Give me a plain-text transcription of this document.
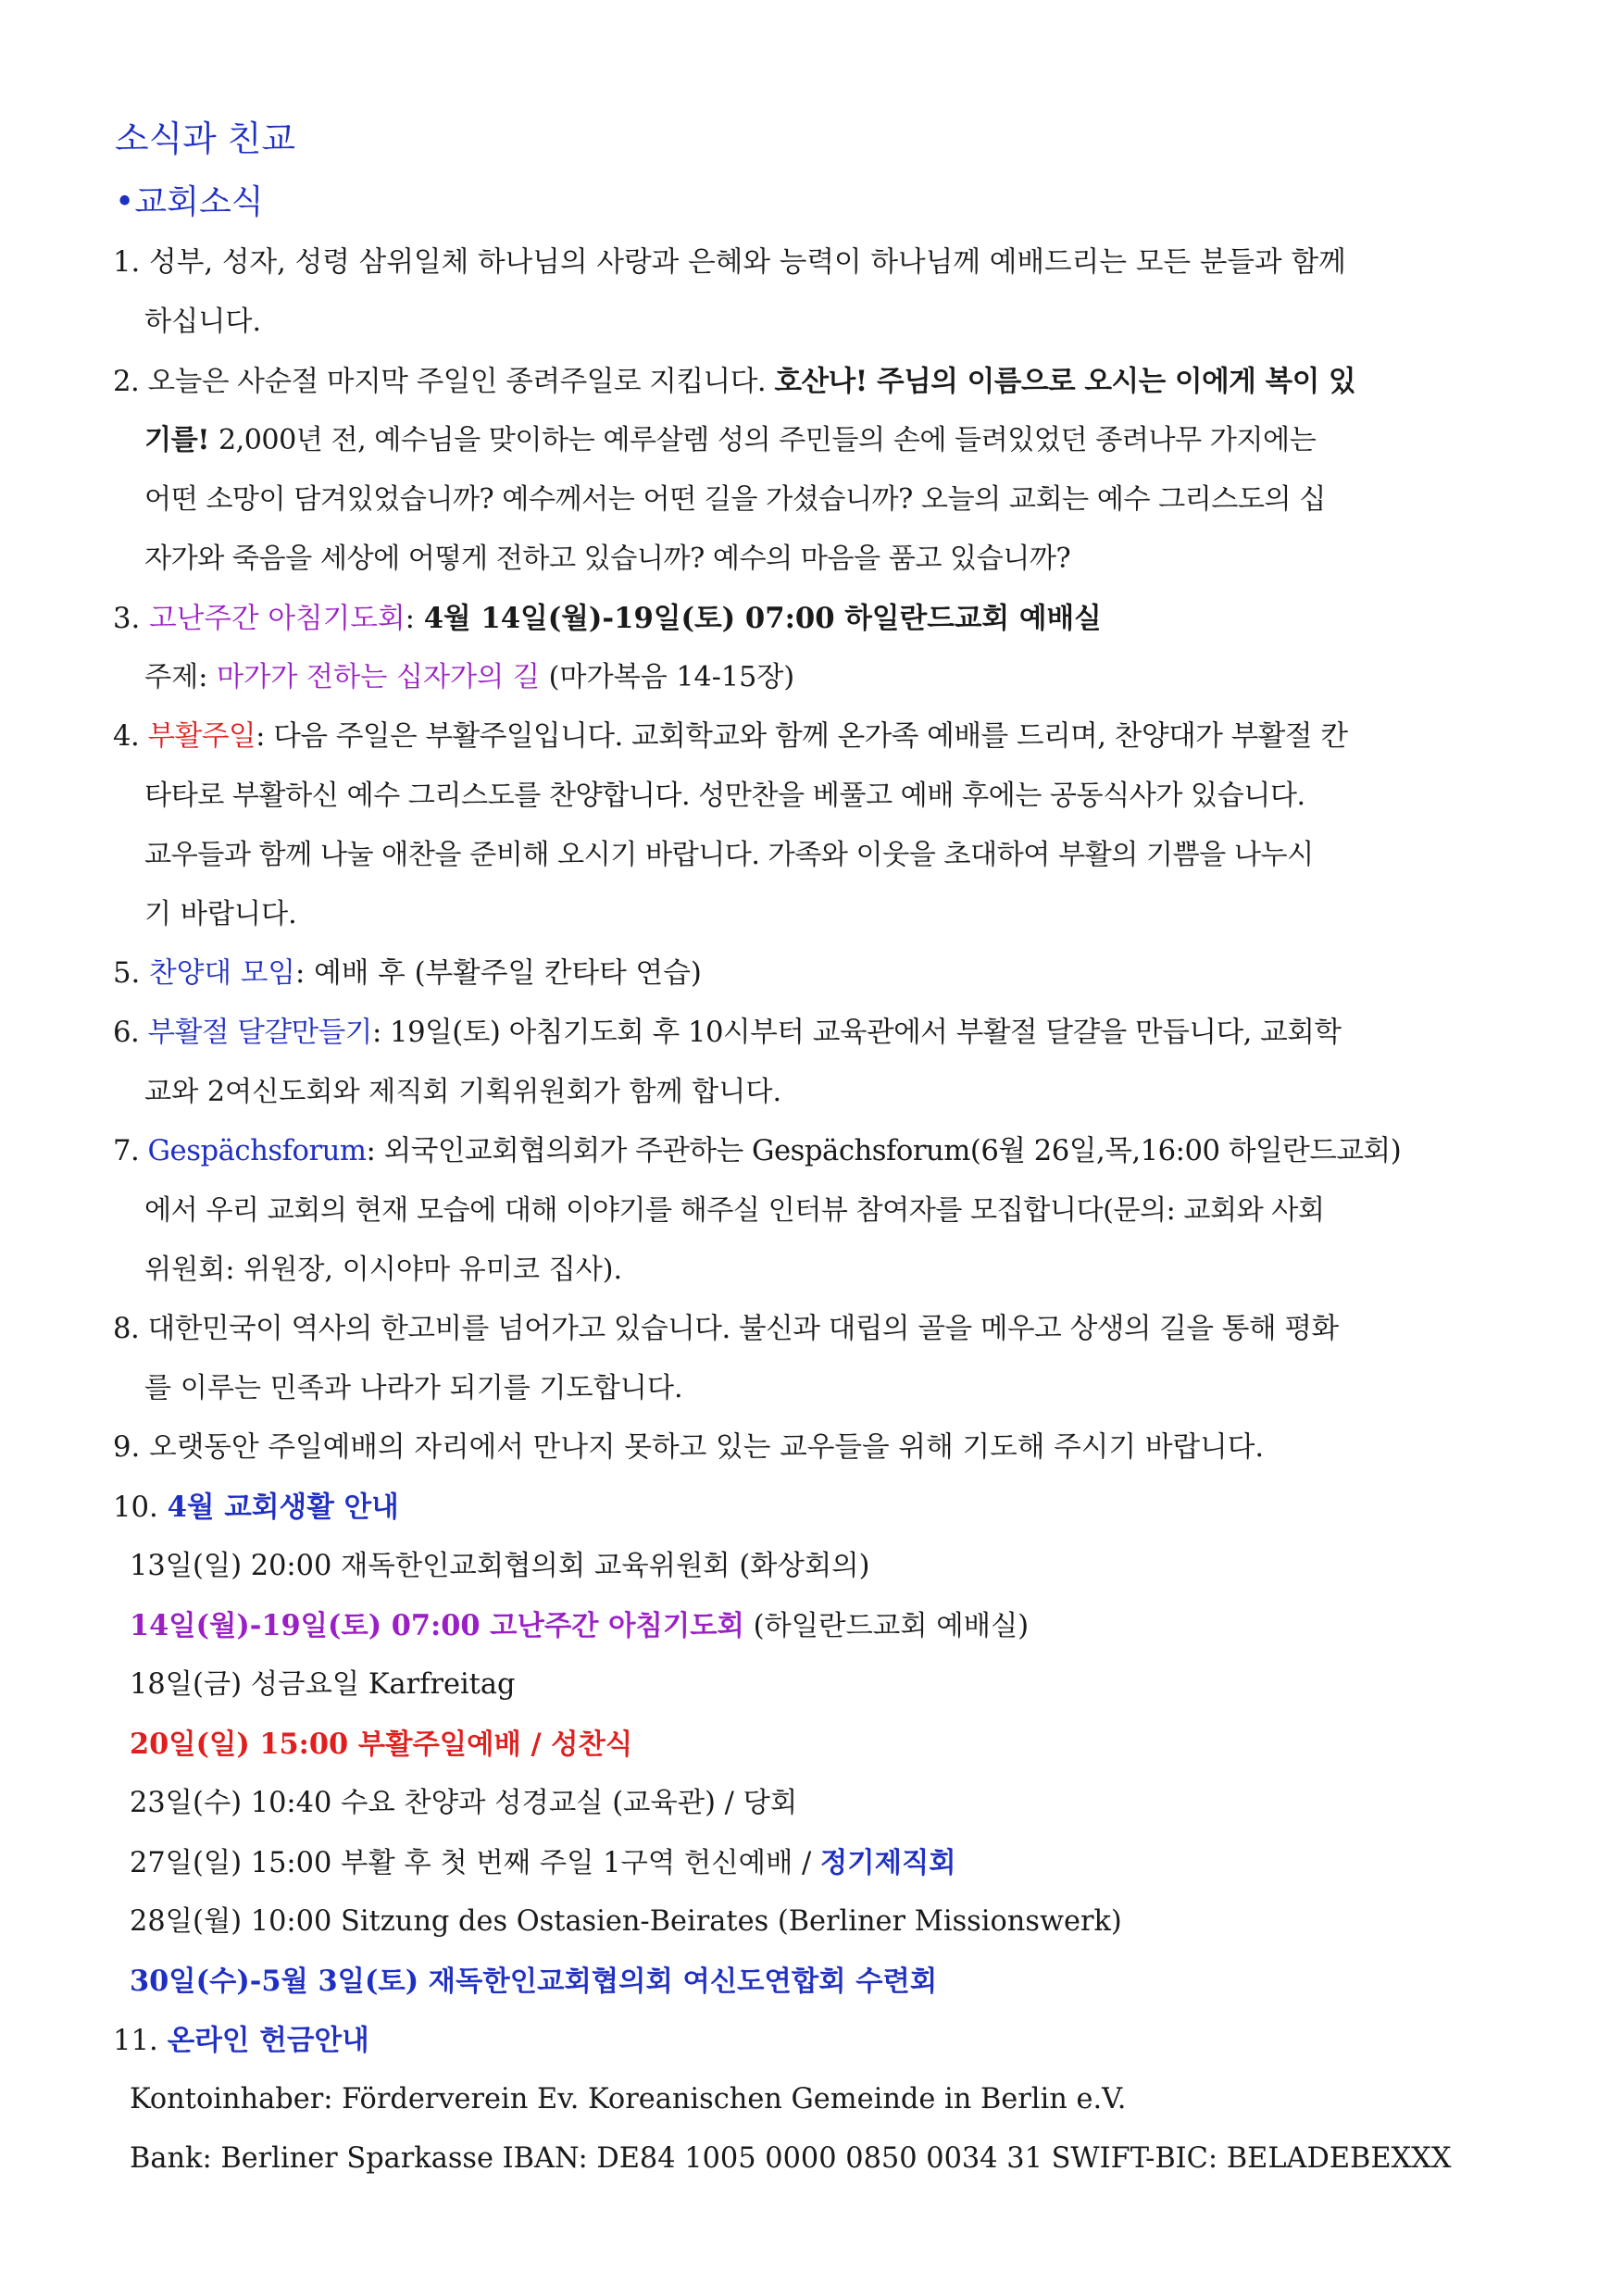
소식과 친교
•교회소식
1. 성부, 성자, 성령 삼위일체 하나님의 사랑과 은혜와 능력이 하나님께 예배드리는 모든 분들과 함께
하십니다.
2. 오늘은 사순절 마지막 주일인 종려주일로 지킵니다. 호산나! 주님의 이름으로 오시는 이에게 복이 있
기를! 2,000년 전, 예수님을 맞이하는 예루살렘 성의 주민들의 손에 들려있었던 종려나무 가지에는
어떤 소망이 담겨있었습니까? 예수께서는 어떤 길을 가셨습니까? 오늘의 교회는 예수 그리스도의 십
자가와 죽음을 세상에 어떻게 전하고 있습니까? 예수의 마음을 품고 있습니까?
3. 고난주간 아침기도회: 4월 14일(월)-19일(토) 07:00 하일란드교회 예배실
주제: 마가가 전하는 십자가의 길 (마가복음 14-15장)
4. 부활주일: 다음 주일은 부활주일입니다. 교회학교와 함께 온가족 예배를 드리며, 찬양대가 부활절 칸
타타로 부활하신 예수 그리스도를 찬양합니다. 성만찬을 베풀고 예배 후에는 공동식사가 있습니다.
교우들과 함께 나눌 애찬을 준비해 오시기 바랍니다. 가족와 이웃을 초대하여 부활의 기쁨을 나누시
기 바랍니다.
5. 찬양대 모임: 예배 후 (부활주일 칸타타 연습)
6. 부활절 달걀만들기: 19일(토) 아침기도회 후 10시부터 교육관에서 부활절 달걀을 만듭니다, 교회학
교와 2여신도회와 제직회 기획위원회가 함께 합니다.
7. Gespächsforum: 외국인교회협의회가 주관하는 Gespächsforum(6월 26일,목,16:00 하일란드교회)
에서 우리 교회의 현재 모습에 대해 이야기를 해주실 인터뷰 참여자를 모집합니다(문의: 교회와 사회
위원회: 위원장, 이시야마 유미코 집사).
8. 대한민국이 역사의 한고비를 넘어가고 있습니다. 불신과 대립의 골을 메우고 상생의 길을 통해 평화
를 이루는 민족과 나라가 되기를 기도합니다.
9. 오랫동안 주일예배의 자리에서 만나지 못하고 있는 교우들을 위해 기도해 주시기 바랍니다.
10. 4월 교회생활 안내
13일(일) 20:00 재독한인교회협의회 교육위원회 (화상회의)
14일(월)-19일(토) 07:00 고난주간 아침기도회 (하일란드교회 예배실)
18일(금) 성금요일 Karfreitag
20일(일) 15:00 부활주일예배 / 성찬식
23일(수) 10:40 수요 찬양과 성경교실 (교육관) / 당회
27일(일) 15:00 부활 후 첫 번째 주일 1구역 헌신예배 / 정기제직회
28일(월) 10:00 Sitzung des Ostasien-Beirates (Berliner Missionswerk)
30일(수)-5월 3일(토) 재독한인교회협의회 여신도연합회 수련회
11. 온라인 헌금안내
Kontoinhaber: Förderverein Ev. Koreanischen Gemeinde in Berlin e.V.
Bank: Berliner Sparkasse IBAN: DE84 1005 0000 0850 0034 31 SWIFT-BIC: BELADEBEXXX
